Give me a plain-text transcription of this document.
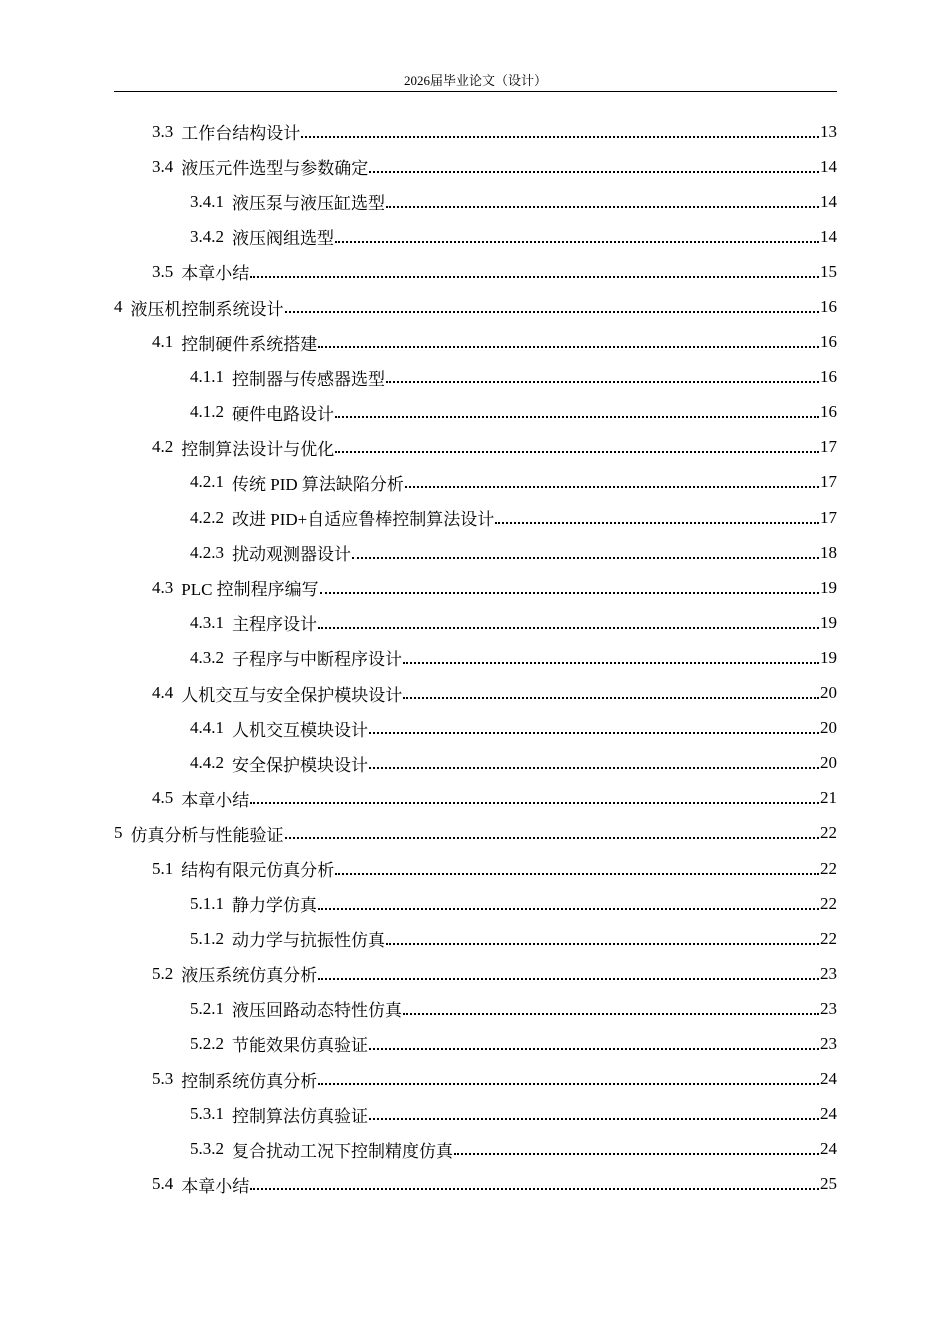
2026届毕业论文（设计）
3.3 工作台结构设计	13
3.4 液压元件选型与参数确定	14
3.4.1 液压泵与液压缸选型	14
3.4.2 液压阀组选型	14
3.5 本章小结	15
4 液压机控制系统设计	16
4.1 控制硬件系统搭建	16
4.1.1 控制器与传感器选型	16
4.1.2 硬件电路设计	16
4.2 控制算法设计与优化	17
4.2.1 传统 PID 算法缺陷分析	17
4.2.2 改进 PID+自适应鲁棒控制算法设计	17
4.2.3 扰动观测器设计	18
4.3 PLC 控制程序编写	19
4.3.1 主程序设计	19
4.3.2 子程序与中断程序设计	19
4.4 人机交互与安全保护模块设计	20
4.4.1 人机交互模块设计	20
4.4.2 安全保护模块设计	20
4.5 本章小结	21
5 仿真分析与性能验证	22
5.1 结构有限元仿真分析	22
5.1.1 静力学仿真	22
5.1.2 动力学与抗振性仿真	22
5.2 液压系统仿真分析	23
5.2.1 液压回路动态特性仿真	23
5.2.2 节能效果仿真验证	23
5.3 控制系统仿真分析	24
5.3.1 控制算法仿真验证	24
5.3.2 复合扰动工况下控制精度仿真	24
5.4 本章小结	25
